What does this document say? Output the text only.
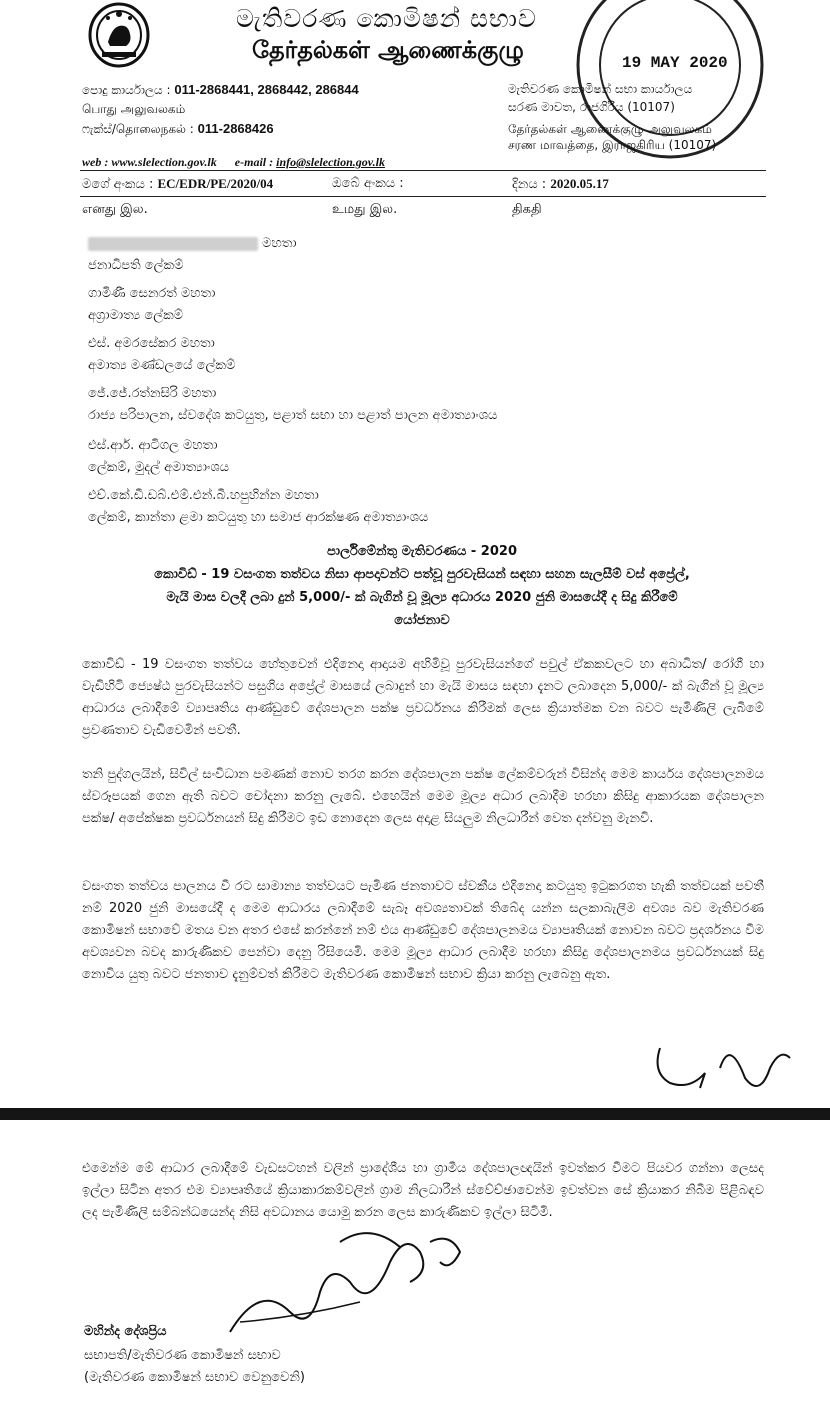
19 MAY 2020
මැතිවරණ කොමිෂන් සභාව
தேர்தல்கள் ஆணைக்குழு
පොදු කාර්යාලය : 011-2868441, 2868442, 286844
பொது அலுவலகம்
ෆැක්ස්/தொலைநகல் : 011-2868426
මැතිවරණ කොමිෂන් සභා කාර්යාලය
සරණ මාවත, රාජගිරිය (10107)
தேர்தல்கள் ஆணைக்குழு அலுவலகம்
சரண மாவத்தை, இராஜகிரிய (10107)
web : www.slelection.gov.lk e-mail : info@slelection.gov.lk
මගේ අංකය : EC/EDR/PE/2020/04
எனது இல.
ඔබේ අංකය :
உமது இல.
දිනය : 2020.05.17
திகதி
මහතා
ජනාධිපති ලේකම්
ගාමිණී සෙනරත් මහතා
අග්‍රාමාත්‍ය ලේකම්
එස්. අමරසේකර මහතා
අමාත්‍ය මණ්ඩලයේ ලේකම්
ජේ.ජේ.රත්නසිරි මහතා
රාජ්‍ය පරිපාලන, ස්වදේශ කටයුතු, පළාත් සභා හා පළාත් පාලන අමාත්‍යාංශය
එස්.ආර්. ආටිගල මහතා
ලේකම්, මුදල් අමාත්‍යාංශය
එච්.කේ.ඩී.ඩබ්.එම්.එන්.බී.හපුහින්න මහතා
ලේකම්, කාන්තා ළමා කටයුතු හා සමාජ ආරක්ෂණ අමාත්‍යාංශය
පාර්ලිමේන්තු මැතිවරණය - 2020
කොවිඩ් - 19 වසංගත තත්වය නිසා ආපදාවන්ට පත්වූ පුරවැසියන් සඳහා සහන සැලසීම් වස් අප්‍රේල්,
මැයි මාස වලදී ලබා දුන් 5,000/- ක් බැගින් වූ මූල්‍ය අධාරය 2020 ජුනි මාසයේදී ද සිදු කිරීමේ
යෝජනාව
කොවිඩ් - 19 වසංගත තත්වය හේතුවෙන් එදිනෙදා ආදායම අහිමිවූ පුරවැසියන්ගේ පවුල් ඒකකවලට හා අබාධිත/ රෝගී හා වැඩිහිටි ජ්‍යෙෂ්ඨ පුරවැසියන්ට පසුගිය අප්‍රේල් මාසයේ ලබාදුන් හා මැයි මාසය සඳහා දැනට ලබාදෙන 5,000/- ක් බැගින් වූ මූල්‍ය ආධාරය ලබාදීමේ ව්‍යාපෘතිය ආණ්ඩුවේ දේශපාලන පක්ෂ ප්‍රවර්ධනය කිරීමක් ලෙස ක්‍රියාත්මක වන බවට පැමිණිලි ලැබීමේ ප්‍රවණතාව වැඩිවෙමින් පවතී.
තනි පුද්ගලයින්, සිවිල් සංවිධාන පමණක් නොව තරග කරන දේශපාලන පක්ෂ ලේකම්වරුන් විසින්ද මෙම කාර්යය දේශපාලනමය ස්වරූපයක් ගෙන ඇති බවට චෝදනා කරනු ලැබේ. එහෙයින් මෙම මූල්‍ය අධාර ලබාදීම හරහා කිසිදු ආකාරයක දේශපාලන පක්ෂ/ අපේක්ෂක ප්‍රවර්ධනයන් සිදු කිරීමට ඉඩ නොදෙන ලෙස අදාළ සියලුම නිලධාරීන් වෙත දන්වනු මැනවි.
වසංගත තත්වය පාලනය වී රට සාමාන්‍ය තත්වයට පැමිණ ජනතාවට ස්වකීය එදිනෙදා කටයුතු ඉටුකරගත හැකි තත්වයක් පවතී නම් 2020 ජුනි මාසයේදී ද මෙම ආධාරය ලබාදීමේ සැබෑ අවශ්‍යතාවක් තිබේද යන්න සලකාබැලීම අවශ්‍ය බව මැතිවරණ කොමිෂන් සභාවේ මතය වන අතර එසේ කරන්නේ නම් එය ආණ්ඩුවේ දේශපාලනමය ව්‍යාපෘතියක් නොවන බවට ප්‍රදර්ශනය වීම අවශ්‍යවන බවද කාරුණිකව පෙන්වා දෙනු රිසියෙමි. මෙම මූල්‍ය ආධාර ලබාදීම හරහා කිසිදු දේශපාලනමය ප්‍රවර්ධනයක් සිදු නොවිය යුතු බවට ජනතාව දැනුම්වත් කිරීමට මැතිවරණ කොමිෂන් සභාව ක්‍රියා කරනු ලැබෙනු ඇත.
එමෙන්ම මේ ආධාර ලබාදීමේ වැඩසටහන් වලින් ප්‍රාදේශීය හා ග්‍රාමීය දේශපාලඥයින් ඉවත්කර වීමට පියවර ගන්නා ලෙසද ඉල්ලා සිටින අතර එම ව්‍යාපෘතියේ ක්‍රියාකාරකම්වලින් ග්‍රාම නිලධාරීන් ස්වේච්ඡාවෙන්ම ඉවත්වන සේ ක්‍රියාකර නිබීම පිළිබඳව ලද පැමිණිලි සම්බන්ධයෙන්ද නිසි අවධානය යොමු කරන ලෙස කාරුණිකව ඉල්ලා සිටිමි.
මහින්ද දේශප්‍රිය
සභාපති/මැතිවරණ කොමිෂන් සභාව
(මැතිවරණ කොමිෂන් සභාව වෙනුවෙනි)
